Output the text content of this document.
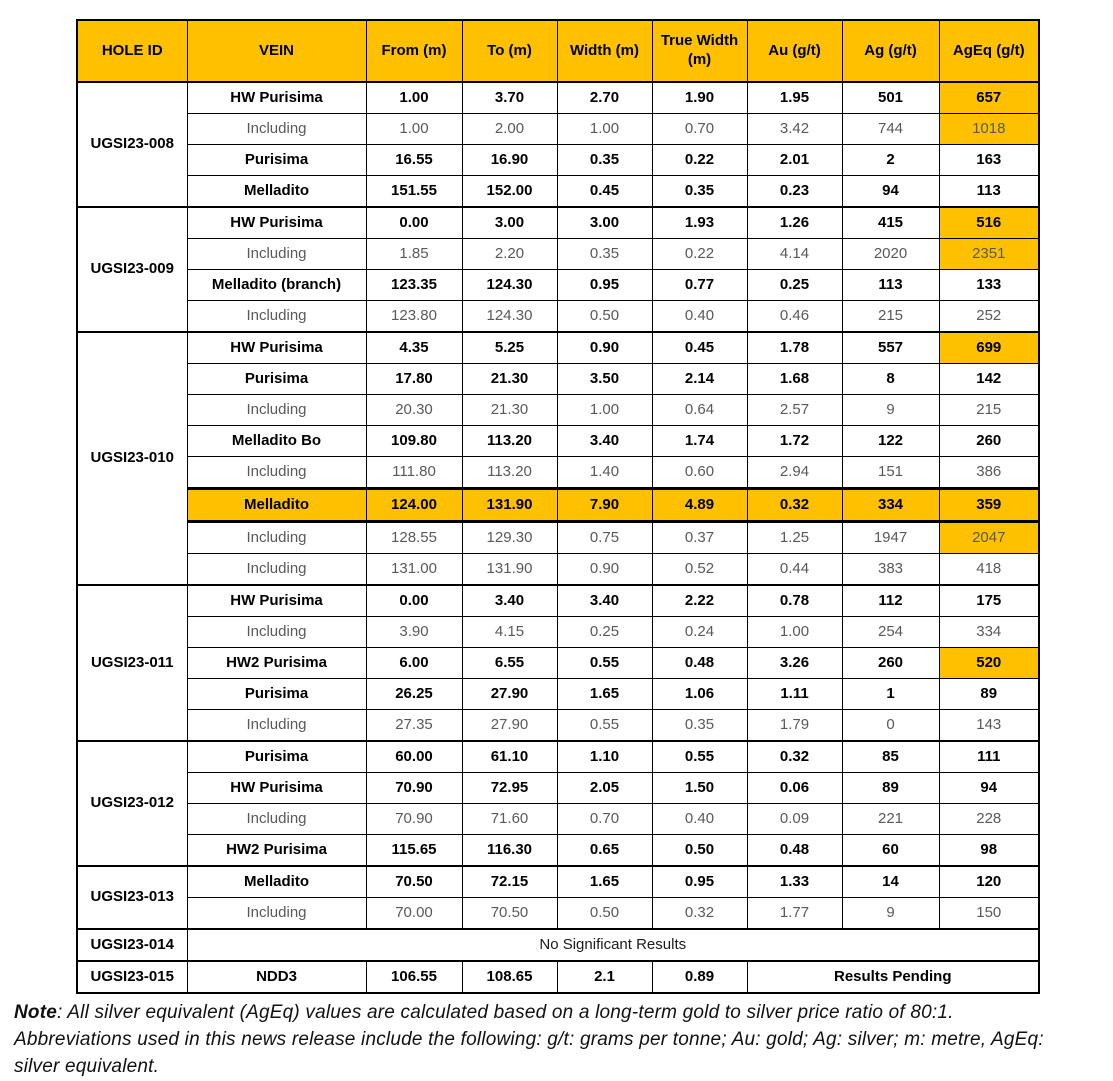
HOLE ID	VEIN	From (m)	To (m)	Width (m)	True Width (m)	Au (g/t)	Ag (g/t)	AgEq (g/t)
UGSI23-008	HW Purisima	1.00	3.70	2.70	1.90	1.95	501	657
	Including	1.00	2.00	1.00	0.70	3.42	744	1018
	Purisima	16.55	16.90	0.35	0.22	2.01	2	163
	Melladito	151.55	152.00	0.45	0.35	0.23	94	113
UGSI23-009	HW Purisima	0.00	3.00	3.00	1.93	1.26	415	516
	Including	1.85	2.20	0.35	0.22	4.14	2020	2351
	Melladito (branch)	123.35	124.30	0.95	0.77	0.25	113	133
	Including	123.80	124.30	0.50	0.40	0.46	215	252
UGSI23-010	HW Purisima	4.35	5.25	0.90	0.45	1.78	557	699
	Purisima	17.80	21.30	3.50	2.14	1.68	8	142
	Including	20.30	21.30	1.00	0.64	2.57	9	215
	Melladito Bo	109.80	113.20	3.40	1.74	1.72	122	260
	Including	111.80	113.20	1.40	0.60	2.94	151	386
	Melladito	124.00	131.90	7.90	4.89	0.32	334	359
	Including	128.55	129.30	0.75	0.37	1.25	1947	2047
	Including	131.00	131.90	0.90	0.52	0.44	383	418
UGSI23-011	HW Purisima	0.00	3.40	3.40	2.22	0.78	112	175
	Including	3.90	4.15	0.25	0.24	1.00	254	334
	HW2 Purisima	6.00	6.55	0.55	0.48	3.26	260	520
	Purisima	26.25	27.90	1.65	1.06	1.11	1	89
	Including	27.35	27.90	0.55	0.35	1.79	0	143
UGSI23-012	Purisima	60.00	61.10	1.10	0.55	0.32	85	111
	HW Purisima	70.90	72.95	2.05	1.50	0.06	89	94
	Including	70.90	71.60	0.70	0.40	0.09	221	228
	HW2 Purisima	115.65	116.30	0.65	0.50	0.48	60	98
UGSI23-013	Melladito	70.50	72.15	1.65	0.95	1.33	14	120
	Including	70.00	70.50	0.50	0.32	1.77	9	150
UGSI23-014	No Significant Results							
UGSI23-015	NDD3	106.55	108.65	2.1	0.89	Results Pending		
Note: All silver equivalent (AgEq) values are calculated based on a long-term gold to silver price ratio of 80:1. Abbreviations used in this news release include the following: g/t: grams per tonne; Au: gold; Ag: silver; m: metre, AgEq: silver equivalent.
